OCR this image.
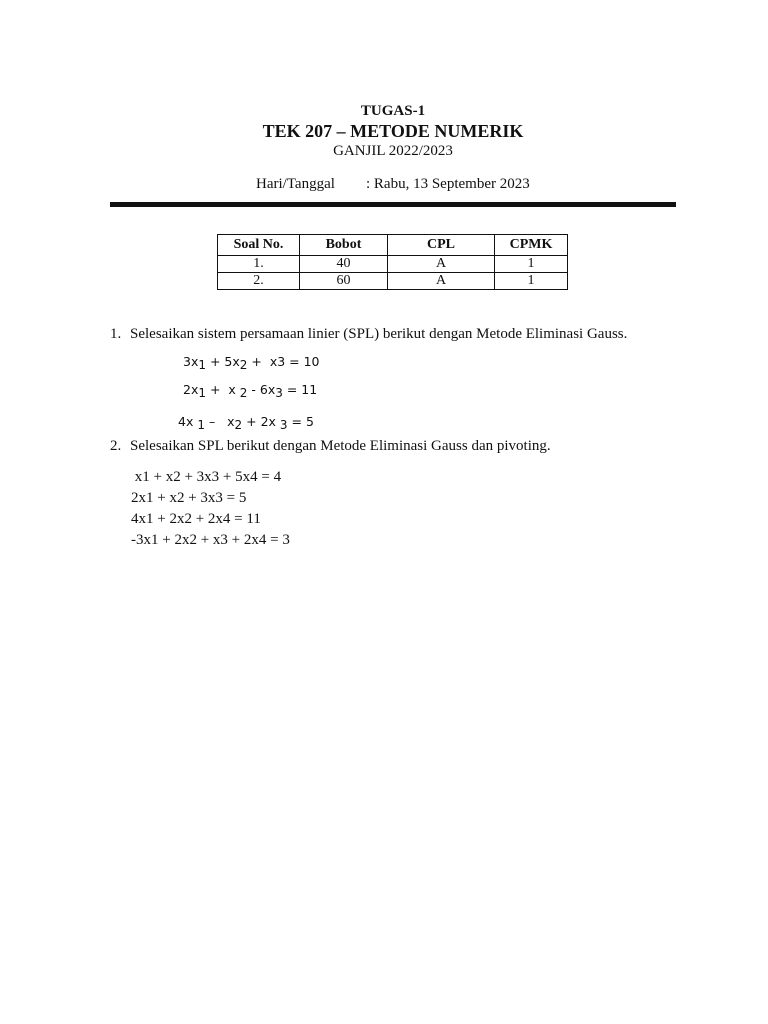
TUGAS-1
TEK 207 – METODE NUMERIK
GANJIL 2022/2023
Hari/Tanggal : Rabu, 13 September 2023
Soal No.	Bobot	CPL	CPMK
1.	40	A	1
2.	60	A	1
1. Selesaikan sistem persamaan linier (SPL) berikut dengan Metode Eliminasi Gauss.
$3x_1 + 5x_2 + x3 = 10$
$2x_1 + x$ $_2 - 6x_3 = 11$
4x $_1 - x_2 + 2x$ $_3$ = 5
2. Selesaikan SPL berikut dengan Metode Eliminasi Gauss dan pivoting.
x1 + x2 + 3x3 + 5x4 = 4
2x1 + x2 + 3x3 = 5
4x1 + 2x2 + 2x4 = 11
-3x1 + 2x2 + x3 + 2x4 = 3
